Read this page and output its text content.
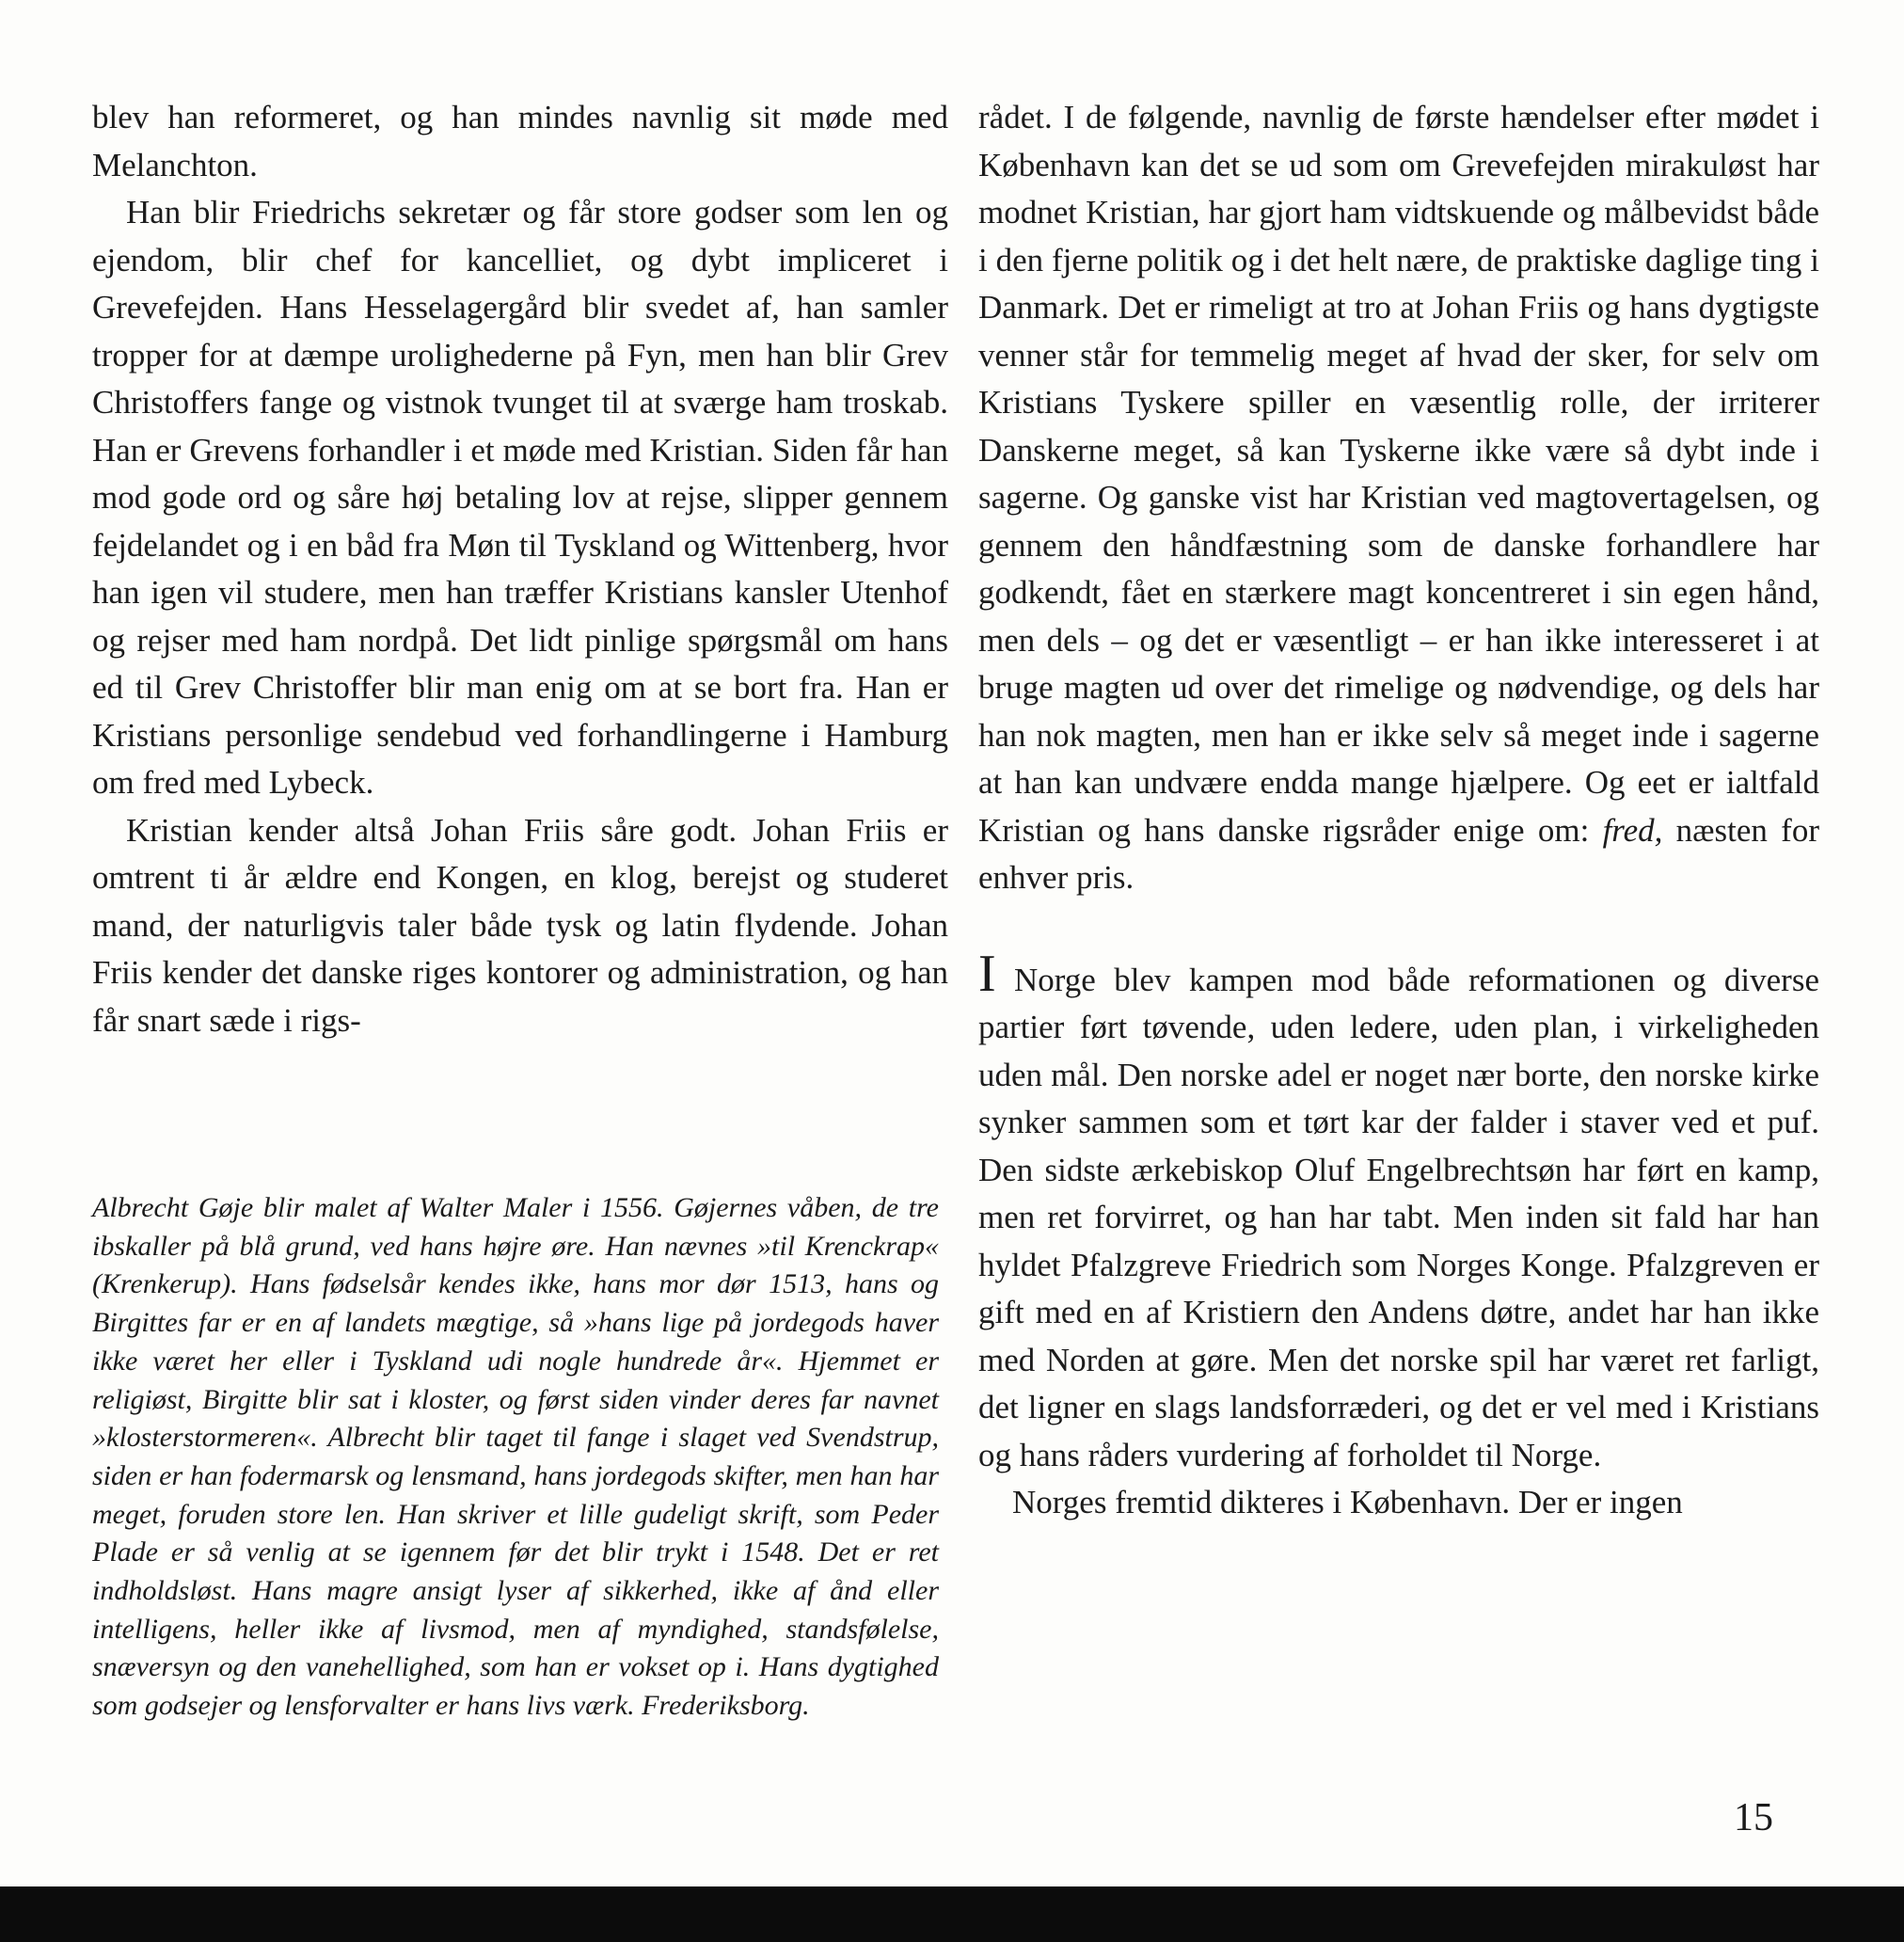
blev han reformeret, og han mindes navnlig sit møde med Melanchton.

Han blir Friedrichs sekretær og får store godser som len og ejendom, blir chef for kancelliet, og dybt impliceret i Grevefejden. Hans Hesselagergård blir svedet af, han samler tropper for at dæmpe urolighederne på Fyn, men han blir Grev Christoffers fange og vistnok tvunget til at sværge ham troskab. Han er Grevens forhandler i et møde med Kristian. Siden får han mod gode ord og såre høj betaling lov at rejse, slipper gennem fejdelandet og i en båd fra Møn til Tyskland og Wittenberg, hvor han igen vil studere, men han træffer Kristians kansler Utenhof og rejser med ham nordpå. Det lidt pinlige spørgsmål om hans ed til Grev Christoffer blir man enig om at se bort fra. Han er Kristians personlige sendebud ved forhandlingerne i Hamburg om fred med Lybeck.

Kristian kender altså Johan Friis såre godt. Johan Friis er omtrent ti år ældre end Kongen, en klog, berejst og studeret mand, der naturligvis taler både tysk og latin flydende. Johan Friis kender det danske riges kontorer og administration, og han får snart sæde i rigs-

Albrecht Gøje blir malet af Walter Maler i 1556. Gøjernes våben, de tre ibskaller på blå grund, ved hans højre øre. Han nævnes »til Krenckrap« (Krenkerup). Hans fødselsår kendes ikke, hans mor dør 1513, hans og Birgittes far er en af landets mægtige, så »hans lige på jordegods haver ikke været her eller i Tyskland udi nogle hundrede år«. Hjemmet er religiøst, Birgitte blir sat i kloster, og først siden vinder deres far navnet »klosterstormeren«. Albrecht blir taget til fange i slaget ved Svendstrup, siden er han fodermarsk og lensmand, hans jordegods skifter, men han har meget, foruden store len. Han skriver et lille gudeligt skrift, som Peder Plade er så venlig at se igennem før det blir trykt i 1548. Det er ret indholdsløst. Hans magre ansigt lyser af sikkerhed, ikke af ånd eller intelligens, heller ikke af livsmod, men af myndighed, standsfølelse, snæversyn og den vanehellighed, som han er vokset op i. Hans dygtighed som godsejer og lensforvalter er hans livs værk. Frederiksborg.

rådet. I de følgende, navnlig de første hændelser efter mødet i København kan det se ud som om Grevefejden mirakuløst har modnet Kristian, har gjort ham vidtskuende og målbevidst både i den fjerne politik og i det helt nære, de praktiske daglige ting i Danmark. Det er rimeligt at tro at Johan Friis og hans dygtigste venner står for temmelig meget af hvad der sker, for selv om Kristians Tyskere spiller en væsentlig rolle, der irriterer Danskerne meget, så kan Tyskerne ikke være så dybt inde i sagerne. Og ganske vist har Kristian ved magtovertagelsen, og gennem den håndfæstning som de danske forhandlere har godkendt, fået en stærkere magt koncentreret i sin egen hånd, men dels – og det er væsentligt – er han ikke interesseret i at bruge magten ud over det rimelige og nødvendige, og dels har han nok magten, men han er ikke selv så meget inde i sagerne at han kan undvære endda mange hjælpere. Og eet er ialtfald Kristian og hans danske rigsråder enige om: fred, næsten for enhver pris.

I Norge blev kampen mod både reformationen og diverse partier ført tøvende, uden ledere, uden plan, i virkeligheden uden mål. Den norske adel er noget nær borte, den norske kirke synker sammen som et tørt kar der falder i staver ved et puf. Den sidste ærkebiskop Oluf Engelbrechtsøn har ført en kamp, men ret forvirret, og han har tabt. Men inden sit fald har han hyldet Pfalzgreve Friedrich som Norges Konge. Pfalzgreven er gift med en af Kristiern den Andens døtre, andet har han ikke med Norden at gøre. Men det norske spil har været ret farligt, det ligner en slags landsforræderi, og det er vel med i Kristians og hans råders vurdering af forholdet til Norge.

Norges fremtid dikteres i København. Der er ingen

15
